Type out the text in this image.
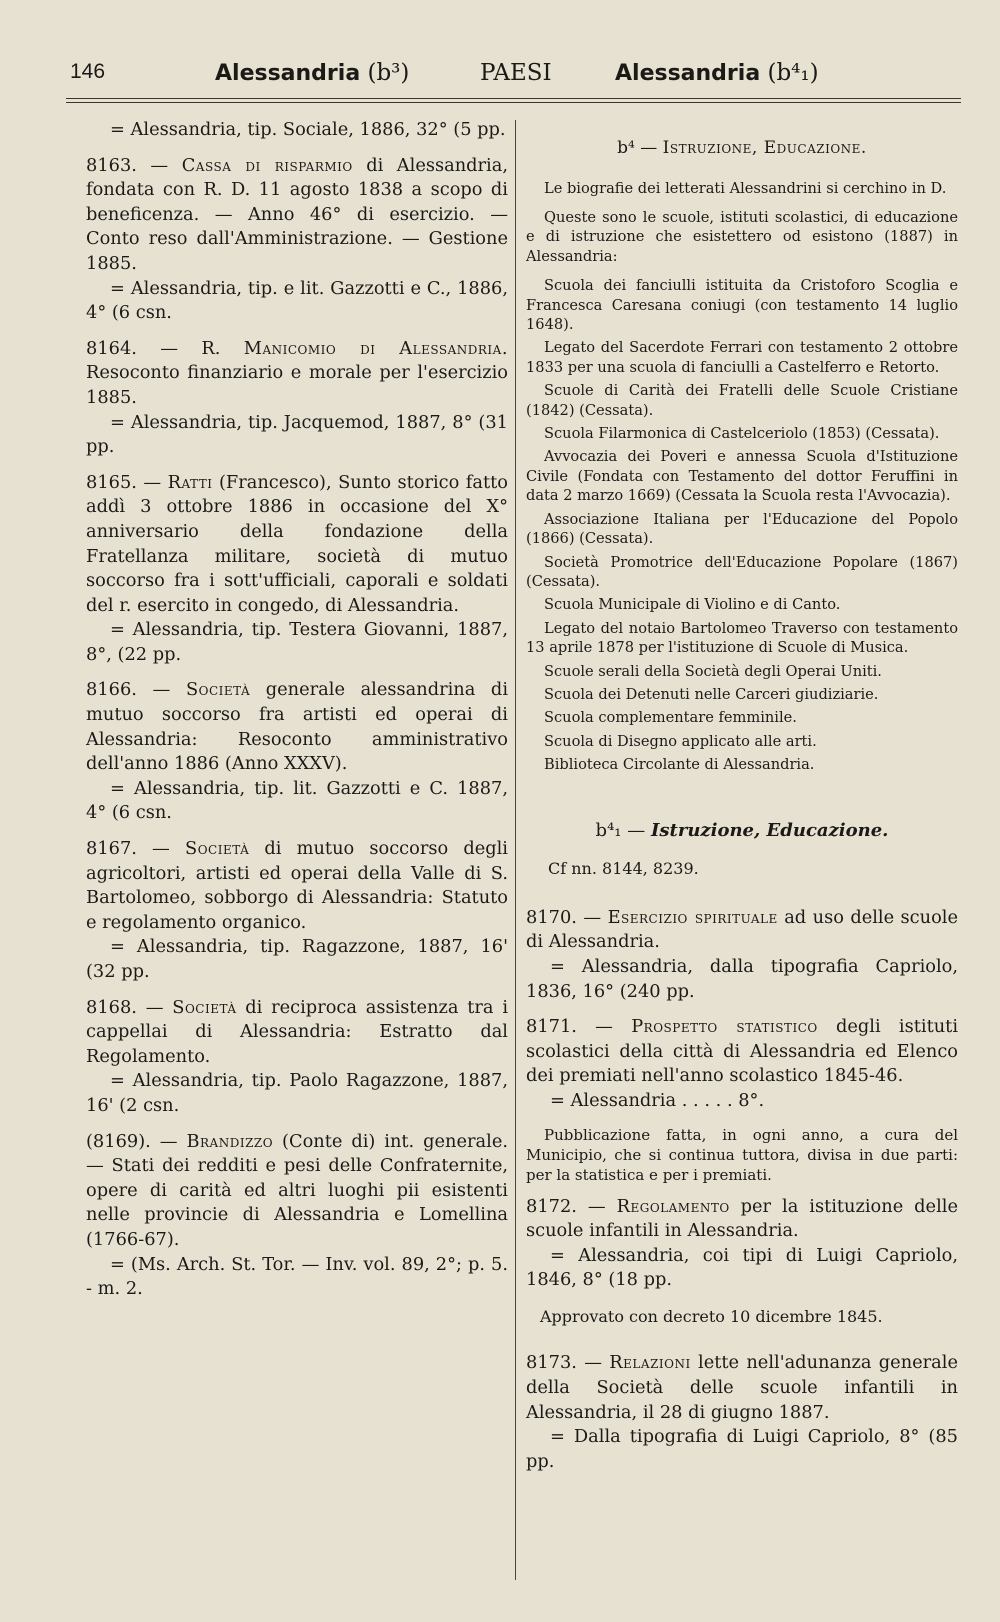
146	Alessandria (b³)	PAESI	Alessandria (b⁴₁)

= Alessandria, tip. Sociale, 1886, 32° (5 pp.

8163. — Cassa di risparmio di Alessandria, fondata con R. D. 11 agosto 1838 a scopo di beneficenza. — Anno 46° di esercizio. — Conto reso dall'Amministrazione. — Gestione 1885.

= Alessandria, tip. e lit. Gazzotti e C., 1886, 4° (6 csn.

8164. — R. Manicomio di Alessandria. Resoconto finanziario e morale per l'esercizio 1885.

= Alessandria, tip. Jacquemod, 1887, 8° (31 pp.

8165. — Ratti (Francesco), Sunto storico fatto addì 3 ottobre 1886 in occasione del X° anniversario della fondazione della Fratellanza militare, società di mutuo soccorso fra i sott'ufficiali, caporali e soldati del r. esercito in congedo, di Alessandria.

= Alessandria, tip. Testera Giovanni, 1887, 8°, (22 pp.

8166. — Società generale alessandrina di mutuo soccorso fra artisti ed operai di Alessandria: Resoconto amministrativo dell'anno 1886 (Anno XXXV).

= Alessandria, tip. lit. Gazzotti e C. 1887, 4° (6 csn.

8167. — Società di mutuo soccorso degli agricoltori, artisti ed operai della Valle di S. Bartolomeo, sobborgo di Alessandria: Statuto e regolamento organico.

= Alessandria, tip. Ragazzone, 1887, 16' (32 pp.

8168. — Società di reciproca assistenza tra i cappellai di Alessandria: Estratto dal Regolamento.

= Alessandria, tip. Paolo Ragazzone, 1887, 16' (2 csn.

(8169). — Brandizzo (Conte di) int. generale. — Stati dei redditi e pesi delle Confraternite, opere di carità ed altri luoghi pii esistenti nelle provincie di Alessandria e Lomellina (1766-67).

= (Ms. Arch. St. Tor. — Inv. vol. 89, 2°; p. 5. - m. 2.

b⁴ — Istruzione, Educazione.

Le biografie dei letterati Alessandrini si cerchino in D.

Queste sono le scuole, istituti scolastici, di educazione e di istruzione che esistettero od esistono (1887) in Alessandria:

Scuola dei fanciulli istituita da Cristoforo Scoglia e Francesca Caresana coniugi (con testamento 14 luglio 1648).

Legato del Sacerdote Ferrari con testamento 2 ottobre 1833 per una scuola di fanciulli a Castelferro e Retorto.

Scuole di Carità dei Fratelli delle Scuole Cristiane (1842) (Cessata).

Scuola Filarmonica di Castelceriolo (1853) (Cessata).

Avvocazia dei Poveri e annessa Scuola d'Istituzione Civile (Fondata con Testamento del dottor Feruffini in data 2 marzo 1669) (Cessata la Scuola resta l'Avvocazia).

Associazione Italiana per l'Educazione del Popolo (1866) (Cessata).

Società Promotrice dell'Educazione Popolare (1867) (Cessata).

Scuola Municipale di Violino e di Canto.

Legato del notaio Bartolomeo Traverso con testamento 13 aprile 1878 per l'istituzione di Scuole di Musica.

Scuole serali della Società degli Operai Uniti.

Scuola dei Detenuti nelle Carceri giudiziarie.

Scuola complementare femminile.

Scuola di Disegno applicato alle arti.

Biblioteca Circolante di Alessandria.

b⁴₁ — Istruzione, Educazione.
Cf nn. 8144, 8239.

8170. — Esercizio spirituale ad uso delle scuole di Alessandria.

= Alessandria, dalla tipografia Capriolo, 1836, 16° (240 pp.

8171. — Prospetto statistico degli istituti scolastici della città di Alessandria ed Elenco dei premiati nell'anno scolastico 1845-46.

= Alessandria . . . . . 8°.

Pubblicazione fatta, in ogni anno, a cura del Municipio, che si continua tuttora, divisa in due parti: per la statistica e per i premiati.

8172. — Regolamento per la istituzione delle scuole infantili in Alessandria.

= Alessandria, coi tipi di Luigi Capriolo, 1846, 8° (18 pp.

Approvato con decreto 10 dicembre 1845.

8173. — Relazioni lette nell'adunanza generale della Società delle scuole infantili in Alessandria, il 28 di giugno 1887.

= Dalla tipografia di Luigi Capriolo, 8° (85 pp.
